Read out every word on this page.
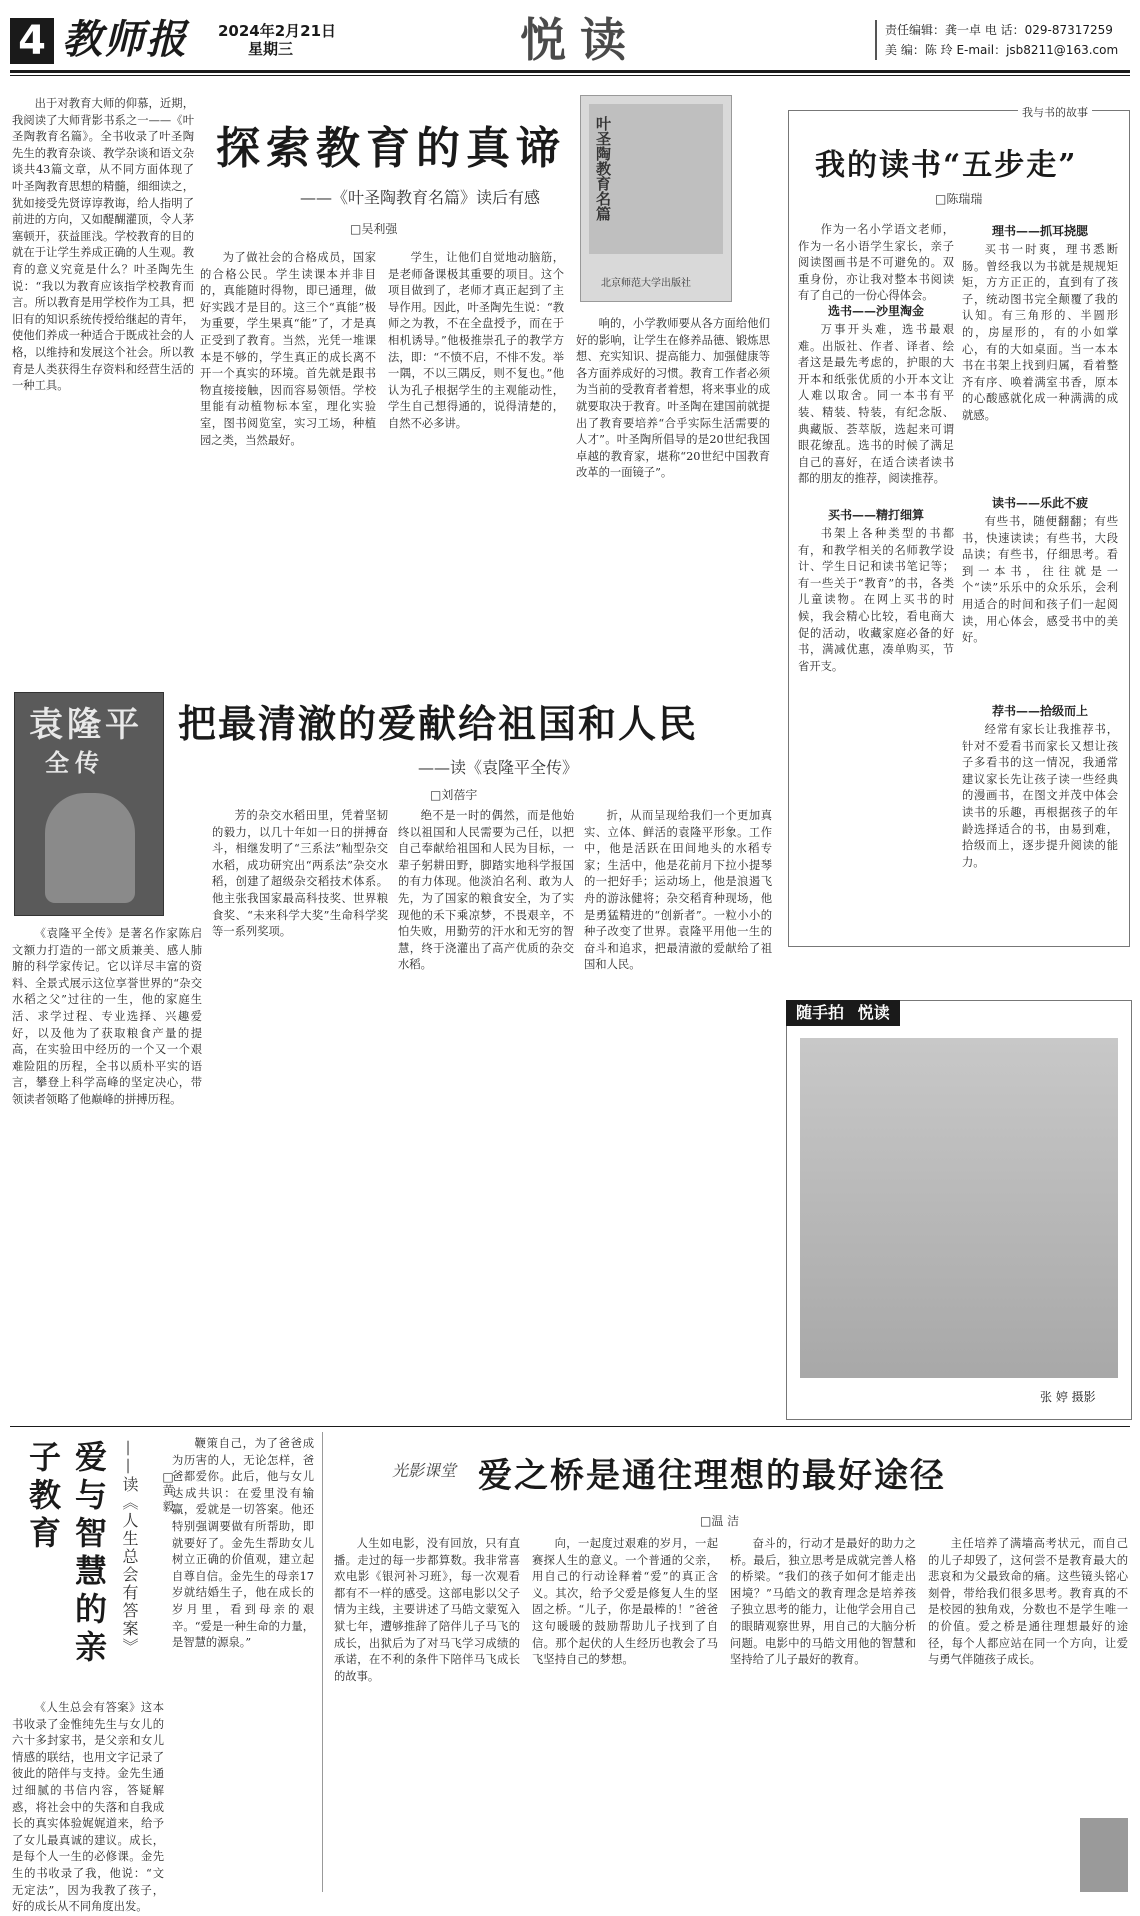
4 教师报 2024年2月21日
星期三	悦读	责任编辑：龚一卓 电 话：029-87317259
美 编：陈 玲 E-mail：jsb8211@163.com
出于对教育大师的仰慕，近期，我阅读了大师背影书系之一——《叶圣陶教育名篇》。全书收录了叶圣陶先生的教育杂谈、教学杂谈和语文杂谈共43篇文章，从不同方面体现了叶圣陶教育思想的精髓，细细读之，犹如接受先贤谆谆教诲，给人指明了前进的方向，又如醍醐灌顶，令人茅塞顿开，获益匪浅。学校教育的目的就在于让学生养成正确的人生观。教育的意义究竟是什么？叶圣陶先生说：“我以为教育应该指学校教育而言。所以教育是用学校作为工具，把旧有的知识系统传授给继起的青年，使他们养成一种适合于既成社会的人格，以维持和发展这个社会。所以教育是人类获得生存资料和经营生活的一种工具。
探索教育的真谛
——《叶圣陶教育名篇》读后有感
□吴利强
叶圣陶教育名篇
北京师范大学出版社
为了做社会的合格成员，国家的合格公民。学生读课本并非目的，真能随时得物，即已通理，做好实践才是目的。这三个“真能”极为重要，学生果真“能”了，才是真正受到了教育。当然，光凭一堆课本是不够的，学生真正的成长离不开一个真实的环境。首先就是跟书物直接接触，因而容易领悟。学校里能有动植物标本室，理化实验室，图书阅览室，实习工场，种植园之类，当然最好。
学生，让他们自觉地动脑筋，是老师备课极其重要的项目。这个项目做到了，老师才真正起到了主导作用。因此，叶圣陶先生说：“教师之为教，不在全盘授予，而在于相机诱导。”他极推崇孔子的教学方法，即：“不愤不启，不悱不发。举一隅，不以三隅反，则不复也。”他认为孔子根据学生的主观能动性，学生自己想得通的，说得清楚的，自然不必多讲。
响的，小学教师要从各方面给他们好的影响，让学生在修养品德、锻炼思想、充实知识、提高能力、加强健康等各方面养成好的习惯。教育工作者必须为当前的受教育者着想，将来事业的成就要取决于教育。叶圣陶在建国前就提出了教育要培养“合乎实际生活需要的人才”。叶圣陶所倡导的是20世纪我国卓越的教育家，堪称“20世纪中国教育改革的一面镜子”。
袁隆平
全传
把最清澈的爱献给祖国和人民
——读《袁隆平全传》
□刘蓓宇
《袁隆平全传》是著名作家陈启文额力打造的一部文质兼美、感人肺腑的科学家传记。它以详尽丰富的资料、全景式展示这位享誉世界的“杂交水稻之父”过往的一生，他的家庭生活、求学过程、专业选择、兴趣爱好，以及他为了获取粮食产量的提高，在实验田中经历的一个又一个艰难险阻的历程，全书以质朴平实的语言，攀登上科学高峰的坚定决心，带领读者领略了他巅峰的拼搏历程。
芳的杂交水稻田里，凭着坚韧的毅力，以几十年如一日的拼搏奋斗，相继发明了“三系法”籼型杂交水稻，成功研究出“两系法”杂交水稻，创建了超级杂交稻技术体系。他主张我国家最高科技奖、世界粮食奖、“未来科学大奖”生命科学奖等一系列奖项。
绝不是一时的偶然，而是他始终以祖国和人民需要为己任，以把自己奉献给祖国和人民为目标，一辈子躬耕田野，脚踏实地科学报国的有力体现。他淡泊名利、敢为人先，为了国家的粮食安全，为了实现他的禾下乘凉梦，不畏艰辛，不怕失败，用勤劳的汗水和无穷的智慧，终于浇灌出了高产优质的杂交水稻。
折，从而呈现给我们一个更加真实、立体、鲜活的袁隆平形象。工作中，他是活跃在田间地头的水稻专家；生活中，他是花前月下拉小提琴的一把好手；运动场上，他是浪遏飞舟的游泳健将；杂交稻育种现场，他是勇猛精进的“创新者”。一粒小小的种子改变了世界。袁隆平用他一生的奋斗和追求，把最清澈的爱献给了祖国和人民。
我与书的故事
我的读书“五步走”
□陈瑞瑞
作为一名小学语文老师，作为一名小语学生家长，亲子阅读图画书是不可避免的。双重身份，亦让我对整本书阅读有了自己的一份心得体会。
选书——沙里淘金
万事开头难，选书最艰难。出版社、作者、译者、绘者这是最先考虑的，护眼的大开本和纸张优质的小开本文让人难以取舍。同一本书有平装、精装、特装，有纪念版、典藏版、荟萃版，选起来可谓眼花缭乱。选书的时候了满足自己的喜好，在适合读者读书都的朋友的推荐，阅读推荐。
买书——精打细算
书架上各种类型的书都有，和教学相关的名师教学设计、学生日记和读书笔记等；有一些关于“教育”的书，各类儿童读物。在网上买书的时候，我会精心比较，看电商大促的活动，收藏家庭必备的好书，满减优惠，凑单购买，节省开支。
理书——抓耳挠腮
买书一时爽，理书悉断肠。曾经我以为书就是规规矩矩，方方正正的，直到有了孩子，统动图书完全颠覆了我的认知。有三角形的、半圆形的，房屋形的，有的小如掌心，有的大如桌面。当一本本书在书架上找到归属，看着整齐有序、唤着满室书香，原本的心酸感就化成一种满满的成就感。
读书——乐此不疲
有些书，随便翻翻；有些书，快速读读；有些书，大段品读；有些书，仔细思考。看到一本书，往往就是一个“读”乐乐中的众乐乐，会利用适合的时间和孩子们一起阅读，用心体会，感受书中的美好。
荐书——拾级而上
经常有家长让我推荐书，针对不爱看书而家长又想让孩子多看书的这一情况，我通常建议家长先让孩子读一些经典的漫画书，在图文并茂中体会读书的乐趣，再根据孩子的年龄选择适合的书，由易到难，拾级而上，逐步提升阅读的能力。
随手拍 悦读
张 婷 摄影
爱与智慧的亲子教育	——读《人生总会有答案》 □黄 毅
《人生总会有答案》这本书收录了金惟纯先生与女儿的六十多封家书，是父亲和女儿情感的联结，也用文字记录了彼此的陪伴与支持。金先生通过细腻的书信内容，答疑解惑，将社会中的失落和自我成长的真实体验娓娓道来，给予了女儿最真诚的建议。成长，是每个人一生的必修课。金先生的书收录了我，他说：“文无定法”，因为我教了孩子，好的成长从不同角度出发。
鞭策自己，为了爸爸成为历害的人，无论怎样，爸爸都爱你。此后，他与女儿达成共识：在爱里没有输赢，爱就是一切答案。他还特别强调要做有所帮助，即就要好了。金先生帮助女儿树立正确的价值观，建立起自尊自信。金先生的母亲17岁就结婚生子，他在成长的岁月里，看到母亲的艰辛。“爱是一种生命的力量，是智慧的源泉。”
光影课堂 爱之桥是通往理想的最好途径
□温 洁
人生如电影，没有回放，只有直播。走过的每一步都算数。我非常喜欢电影《银河补习班》，每一次观看都有不一样的感受。这部电影以父子情为主线，主要讲述了马皓文蒙冤入狱七年，遭够推辞了陪伴儿子马飞的成长，出狱后为了对马飞学习成绩的承诺，在不利的条件下陪伴马飞成长的故事。
向，一起度过艰难的岁月，一起赛探人生的意义。一个普通的父亲，用自己的行动诠释着“爱”的真正含义。其次，给予父爱是修复人生的坚固之桥。“儿子，你是最棒的！”爸爸这句暖暖的鼓励帮助儿子找到了自信。那个起伏的人生经历也教会了马飞坚持自己的梦想。
奋斗的，行动才是最好的助力之桥。最后，独立思考是成就完善人格的桥梁。“我们的孩子如何才能走出困境？”马皓文的教育理念是培养孩子独立思考的能力，让他学会用自己的眼睛观察世界，用自己的大脑分析问题。电影中的马皓文用他的智慧和坚持给了儿子最好的教育。
主任培养了满墙高考状元，而自己的儿子却毁了，这何尝不是教育最大的悲哀和为父最致命的痛。这些镜头铭心刻骨，带给我们很多思考。教育真的不是校园的独角戏，分数也不是学生唯一的价值。爱之桥是通往理想最好的途径，每个人都应站在同一个方向，让爱与勇气伴随孩子成长。
